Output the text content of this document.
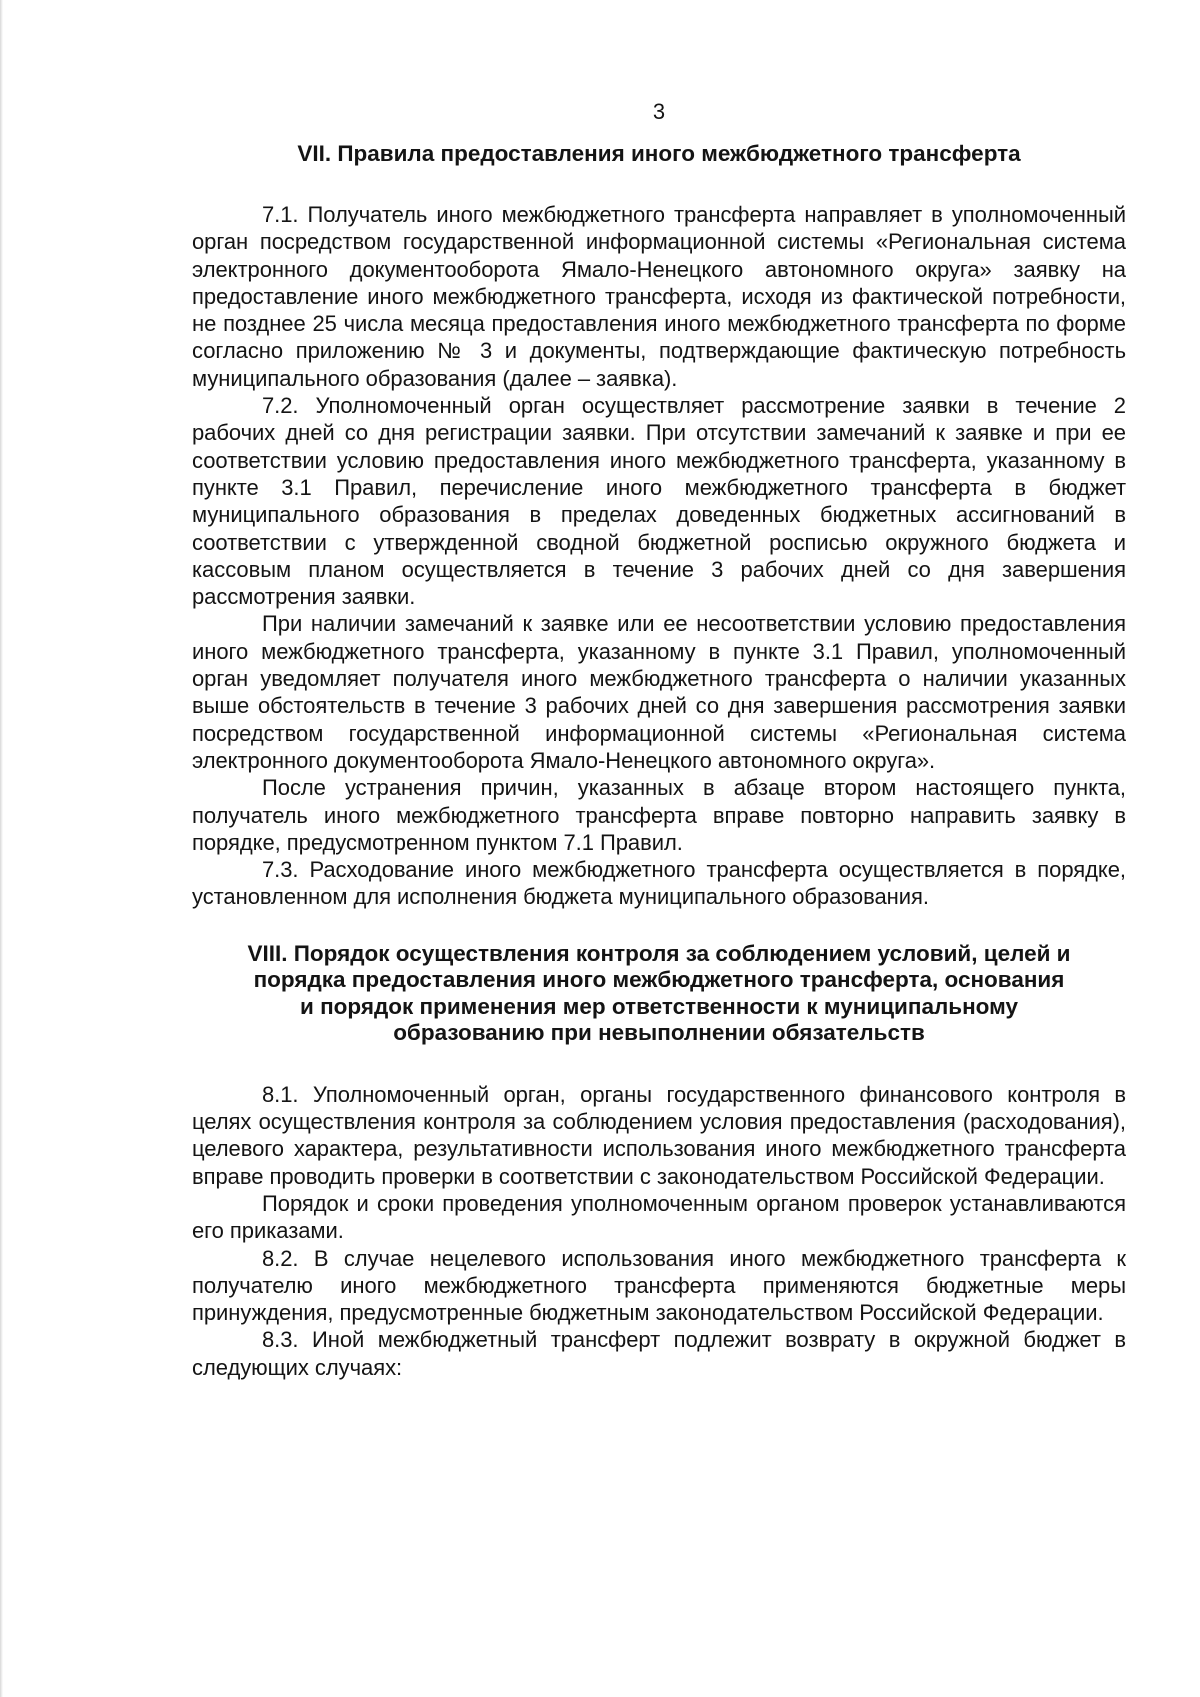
3
VII. Правила предоставления иного межбюджетного трансферта

7.1. Получатель иного межбюджетного трансферта направляет в уполномоченный орган посредством государственной информационной системы «Региональная система электронного документооборота Ямало-Ненецкого автономного округа» заявку на предоставление иного межбюджетного трансферта, исходя из фактической потребности, не позднее 25 числа месяца предоставления иного межбюджетного трансферта по форме согласно приложению № 3 и документы, подтверждающие фактическую потребность муниципального образования (далее – заявка).

7.2. Уполномоченный орган осуществляет рассмотрение заявки в течение 2 рабочих дней со дня регистрации заявки. При отсутствии замечаний к заявке и при ее соответствии условию предоставления иного межбюджетного трансферта, указанному в пункте 3.1 Правил, перечисление иного межбюджетного трансферта в бюджет муниципального образования в пределах доведенных бюджетных ассигнований в соответствии с утвержденной сводной бюджетной росписью окружного бюджета и кассовым планом осуществляется в течение 3 рабочих дней со дня завершения рассмотрения заявки.

При наличии замечаний к заявке или ее несоответствии условию предоставления иного межбюджетного трансферта, указанному в пункте 3.1 Правил, уполномоченный орган уведомляет получателя иного межбюджетного трансферта о наличии указанных выше обстоятельств в течение 3 рабочих дней со дня завершения рассмотрения заявки посредством государственной информационной системы «Региональная система электронного документооборота Ямало-Ненецкого автономного округа».

После устранения причин, указанных в абзаце втором настоящего пункта, получатель иного межбюджетного трансферта вправе повторно направить заявку в порядке, предусмотренном пунктом 7.1 Правил.

7.3. Расходование иного межбюджетного трансферта осуществляется в порядке, установленном для исполнения бюджета муниципального образования.

VIII. Порядок осуществления контроля за соблюдением условий, целей и
порядка предоставления иного межбюджетного трансферта, основания
и порядок применения мер ответственности к муниципальному
образованию при невыполнении обязательств

8.1. Уполномоченный орган, органы государственного финансового контроля в целях осуществления контроля за соблюдением условия предоставления (расходования), целевого характера, результативности использования иного межбюджетного трансферта вправе проводить проверки в соответствии с законодательством Российской Федерации.

Порядок и сроки проведения уполномоченным органом проверок устанавливаются его приказами.

8.2. В случае нецелевого использования иного межбюджетного трансферта к получателю иного межбюджетного трансферта применяются бюджетные меры принуждения, предусмотренные бюджетным законодательством Российской Федерации.

8.3. Иной межбюджетный трансферт подлежит возврату в окружной бюджет в следующих случаях:
